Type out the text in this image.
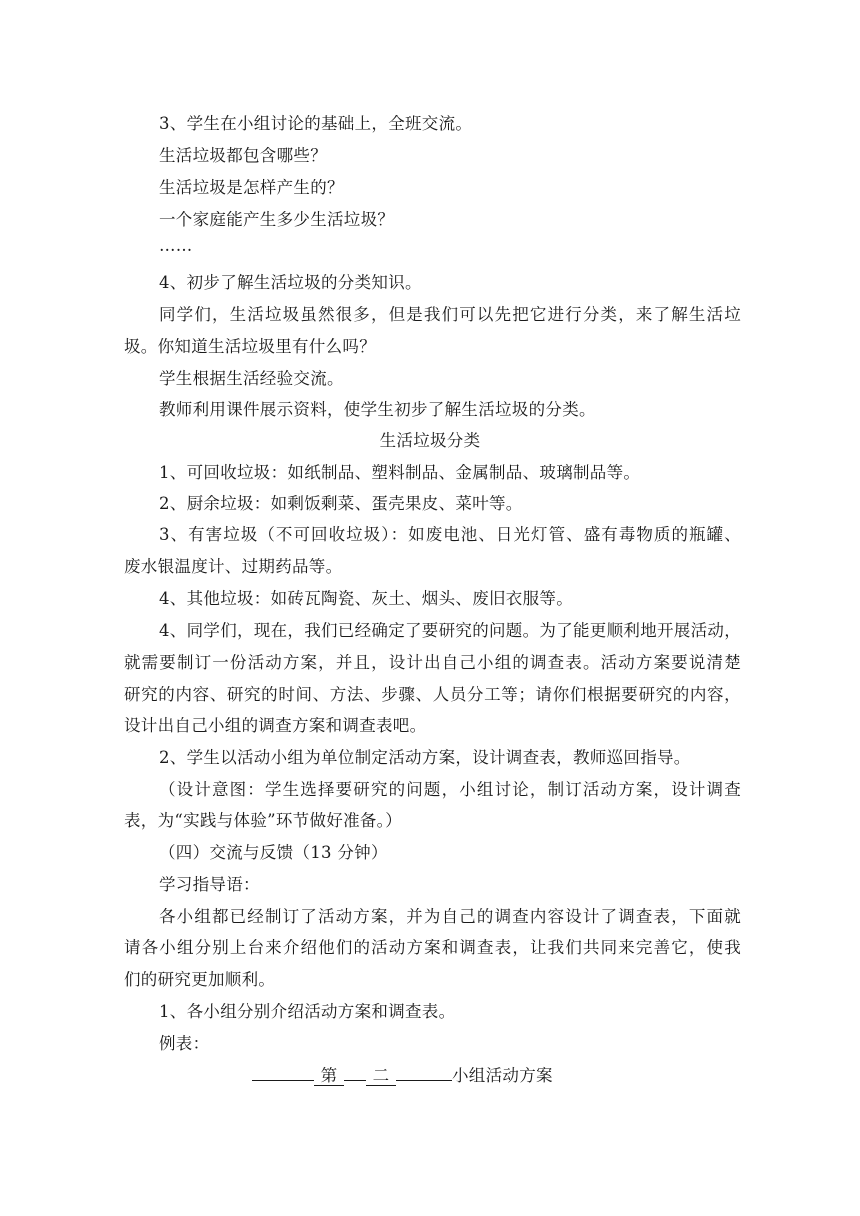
3、学生在小组讨论的基础上，全班交流。
生活垃圾都包含哪些？
生活垃圾是怎样产生的？
一个家庭能产生多少生活垃圾？
……
4、初步了解生活垃圾的分类知识。
同学们，生活垃圾虽然很多，但是我们可以先把它进行分类，来了解生活垃
圾。你知道生活垃圾里有什么吗？
学生根据生活经验交流。
教师利用课件展示资料，使学生初步了解生活垃圾的分类。
生活垃圾分类
1、可回收垃圾：如纸制品、塑料制品、金属制品、玻璃制品等。
2、厨余垃圾：如剩饭剩菜、蛋壳果皮、菜叶等。
3、有害垃圾（不可回收垃圾）：如废电池、日光灯管、盛有毒物质的瓶罐、
废水银温度计、过期药品等。
4、其他垃圾：如砖瓦陶瓷、灰土、烟头、废旧衣服等。
4、同学们，现在，我们已经确定了要研究的问题。为了能更顺利地开展活动，
就需要制订一份活动方案，并且，设计出自己小组的调查表。活动方案要说清楚
研究的内容、研究的时间、方法、步骤、人员分工等；请你们根据要研究的内容，
设计出自己小组的调查方案和调查表吧。
2、学生以活动小组为单位制定活动方案，设计调查表，教师巡回指导。
（设计意图：学生选择要研究的问题，小组讨论，制订活动方案，设计调查
表，为“实践与体验”环节做好准备。）
（四）交流与反馈（13 分钟）
学习指导语：
各小组都已经制订了活动方案，并为自己的调查内容设计了调查表，下面就
请各小组分别上台来介绍他们的活动方案和调查表，让我们共同来完善它，使我
们的研究更加顺利。
1、各小组分别介绍活动方案和调查表。
例表：
第 二	小组活动方案
